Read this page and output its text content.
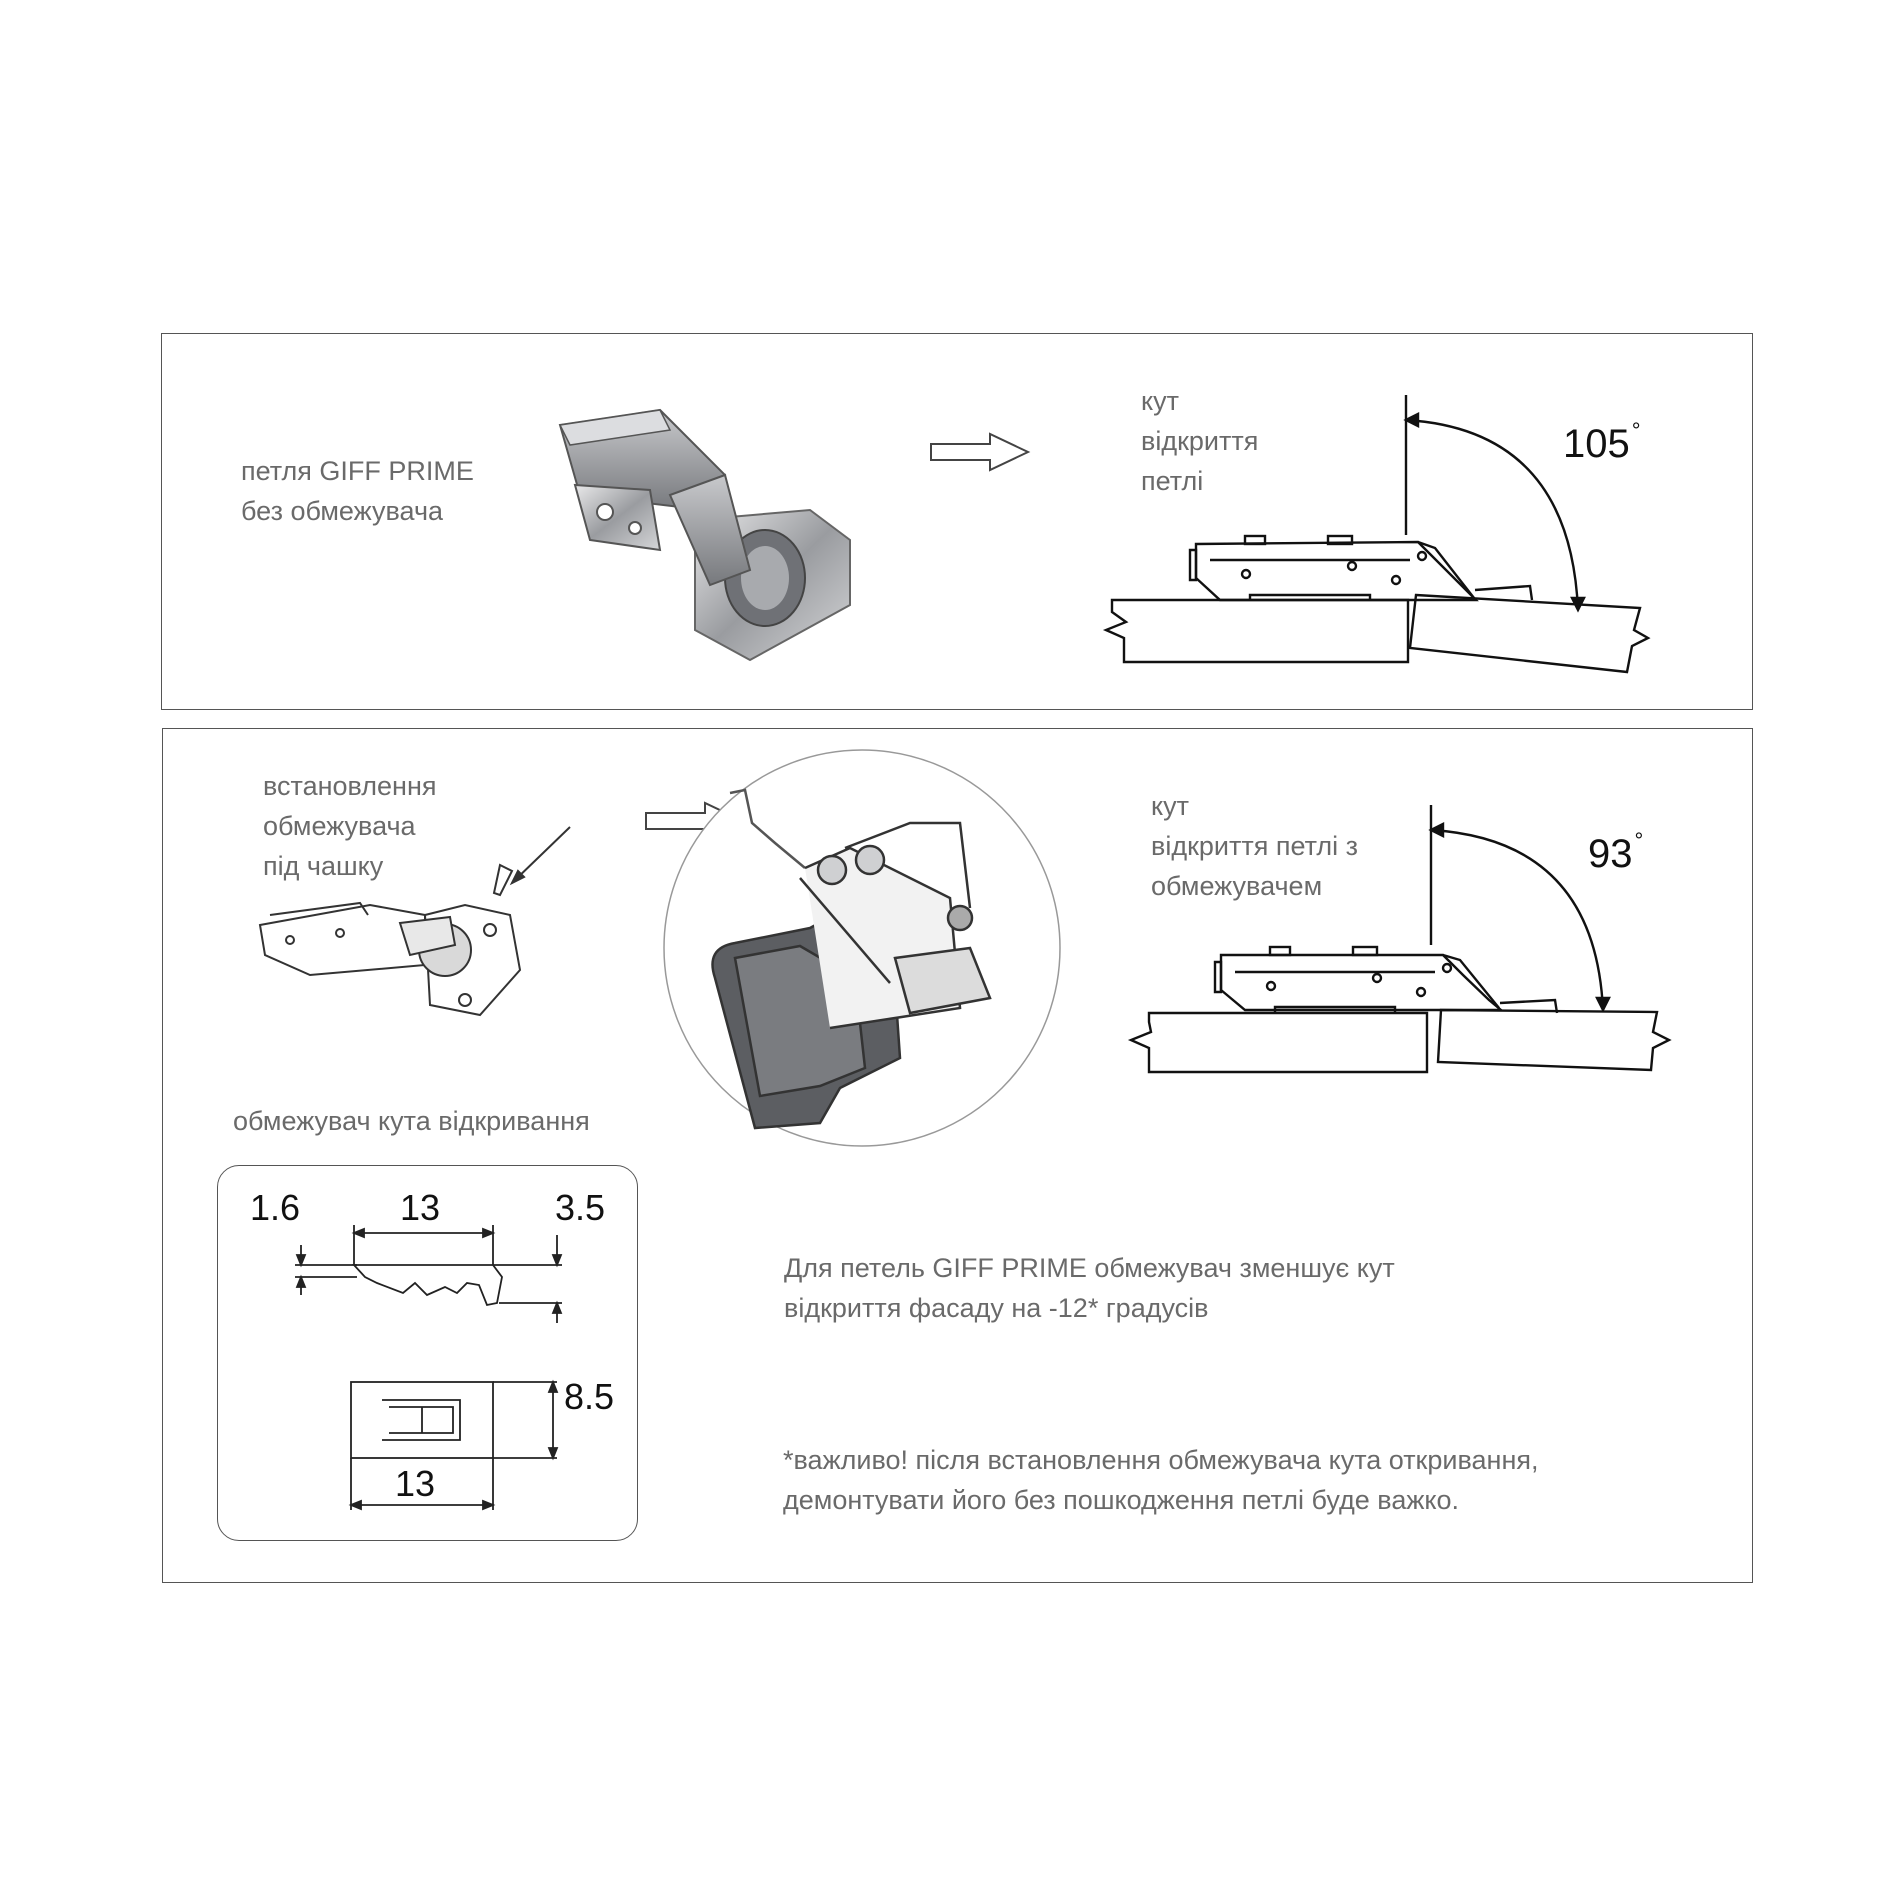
петля GIFF PRIME
без обмежувача
кут
відкриття
петлі
105°
встановлення
обмежувача
під чашку
кут
відкриття петлі з
обмежувачем
93°
обмежувач кута відкривання
1.6	13	3.5
8.5
13
Для петель GIFF PRIME обмежувач зменшує кут
відкриття фасаду на -12* градусів
*важливо! після встановлення обмежувача кута откривання,
демонтувати його без пошкодження петлі буде важко.
